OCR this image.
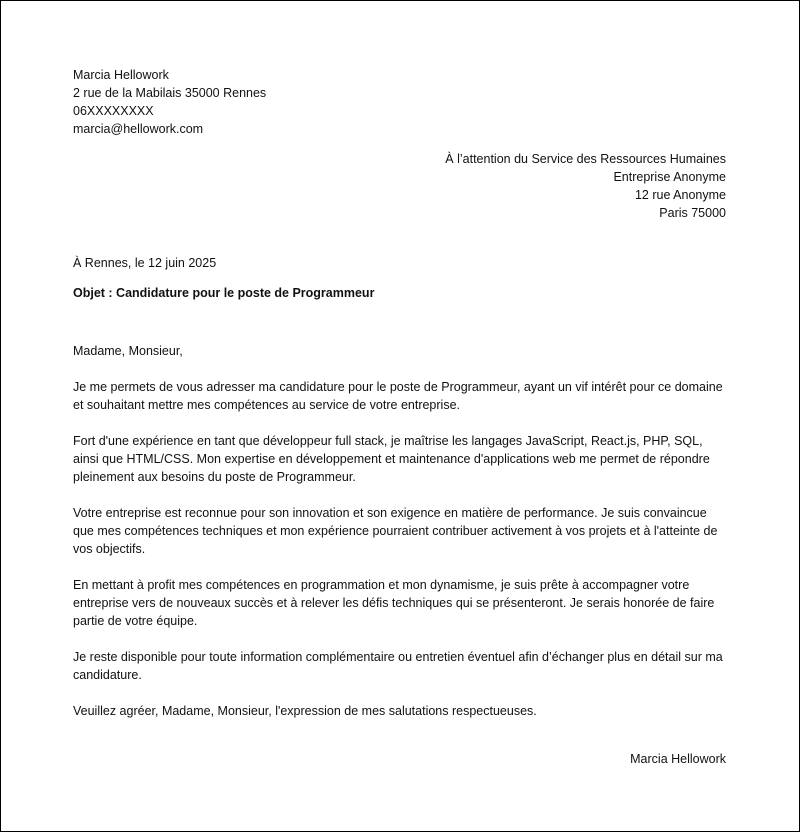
Marcia Hellowork
2 rue de la Mabilais 35000 Rennes
06XXXXXXXX
marcia@hellowork.com
À l’attention du Service des Ressources Humaines
Entreprise Anonyme
12 rue Anonyme
Paris 75000
À Rennes, le 12 juin 2025
Objet : Candidature pour le poste de Programmeur

Madame, Monsieur,

Je me permets de vous adresser ma candidature pour le poste de Programmeur, ayant un vif intérêt pour ce domaine et souhaitant mettre mes compétences au service de votre entreprise.

Fort d'une expérience en tant que développeur full stack, je maîtrise les langages JavaScript, React.js, PHP, SQL, ainsi que HTML/CSS. Mon expertise en développement et maintenance d'applications web me permet de répondre pleinement aux besoins du poste de Programmeur.

Votre entreprise est reconnue pour son innovation et son exigence en matière de performance. Je suis convaincue que mes compétences techniques et mon expérience pourraient contribuer activement à vos projets et à l'atteinte de vos objectifs.

En mettant à profit mes compétences en programmation et mon dynamisme, je suis prête à accompagner votre entreprise vers de nouveaux succès et à relever les défis techniques qui se présenteront. Je serais honorée de faire partie de votre équipe.

Je reste disponible pour toute information complémentaire ou entretien éventuel afin d’échanger plus en détail sur ma candidature.

Veuillez agréer, Madame, Monsieur, l'expression de mes salutations respectueuses.

Marcia Hellowork
